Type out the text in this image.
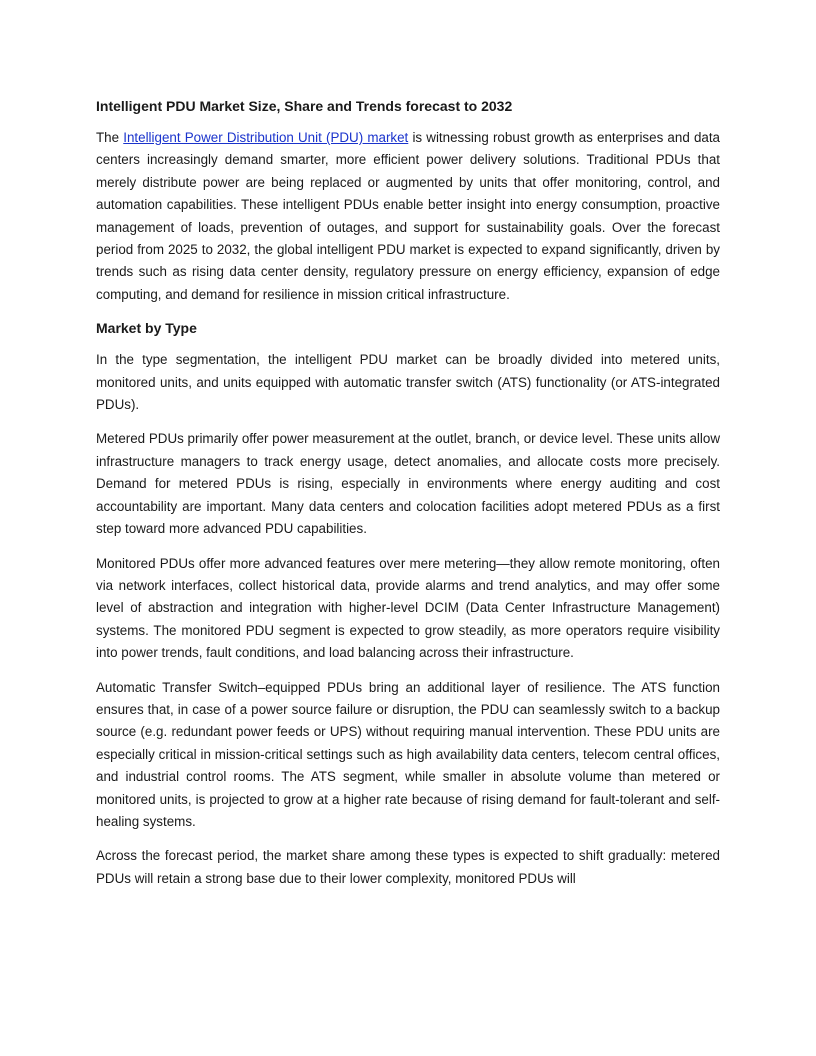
Intelligent PDU Market Size, Share and Trends forecast to 2032

The Intelligent Power Distribution Unit (PDU) market is witnessing robust growth as enterprises and data centers increasingly demand smarter, more efficient power delivery solutions. Traditional PDUs that merely distribute power are being replaced or augmented by units that offer monitoring, control, and automation capabilities. These intelligent PDUs enable better insight into energy consumption, proactive management of loads, prevention of outages, and support for sustainability goals. Over the forecast period from 2025 to 2032, the global intelligent PDU market is expected to expand significantly, driven by trends such as rising data center density, regulatory pressure on energy efficiency, expansion of edge computing, and demand for resilience in mission critical infrastructure.

Market by Type

In the type segmentation, the intelligent PDU market can be broadly divided into metered units, monitored units, and units equipped with automatic transfer switch (ATS) functionality (or ATS-integrated PDUs).

Metered PDUs primarily offer power measurement at the outlet, branch, or device level. These units allow infrastructure managers to track energy usage, detect anomalies, and allocate costs more precisely. Demand for metered PDUs is rising, especially in environments where energy auditing and cost accountability are important. Many data centers and colocation facilities adopt metered PDUs as a first step toward more advanced PDU capabilities.

Monitored PDUs offer more advanced features over mere metering—they allow remote monitoring, often via network interfaces, collect historical data, provide alarms and trend analytics, and may offer some level of abstraction and integration with higher-level DCIM (Data Center Infrastructure Management) systems. The monitored PDU segment is expected to grow steadily, as more operators require visibility into power trends, fault conditions, and load balancing across their infrastructure.

Automatic Transfer Switch–equipped PDUs bring an additional layer of resilience. The ATS function ensures that, in case of a power source failure or disruption, the PDU can seamlessly switch to a backup source (e.g. redundant power feeds or UPS) without requiring manual intervention. These PDU units are especially critical in mission-critical settings such as high availability data centers, telecom central offices, and industrial control rooms. The ATS segment, while smaller in absolute volume than metered or monitored units, is projected to grow at a higher rate because of rising demand for fault-tolerant and self-healing systems.

Across the forecast period, the market share among these types is expected to shift gradually: metered PDUs will retain a strong base due to their lower complexity, monitored PDUs will
